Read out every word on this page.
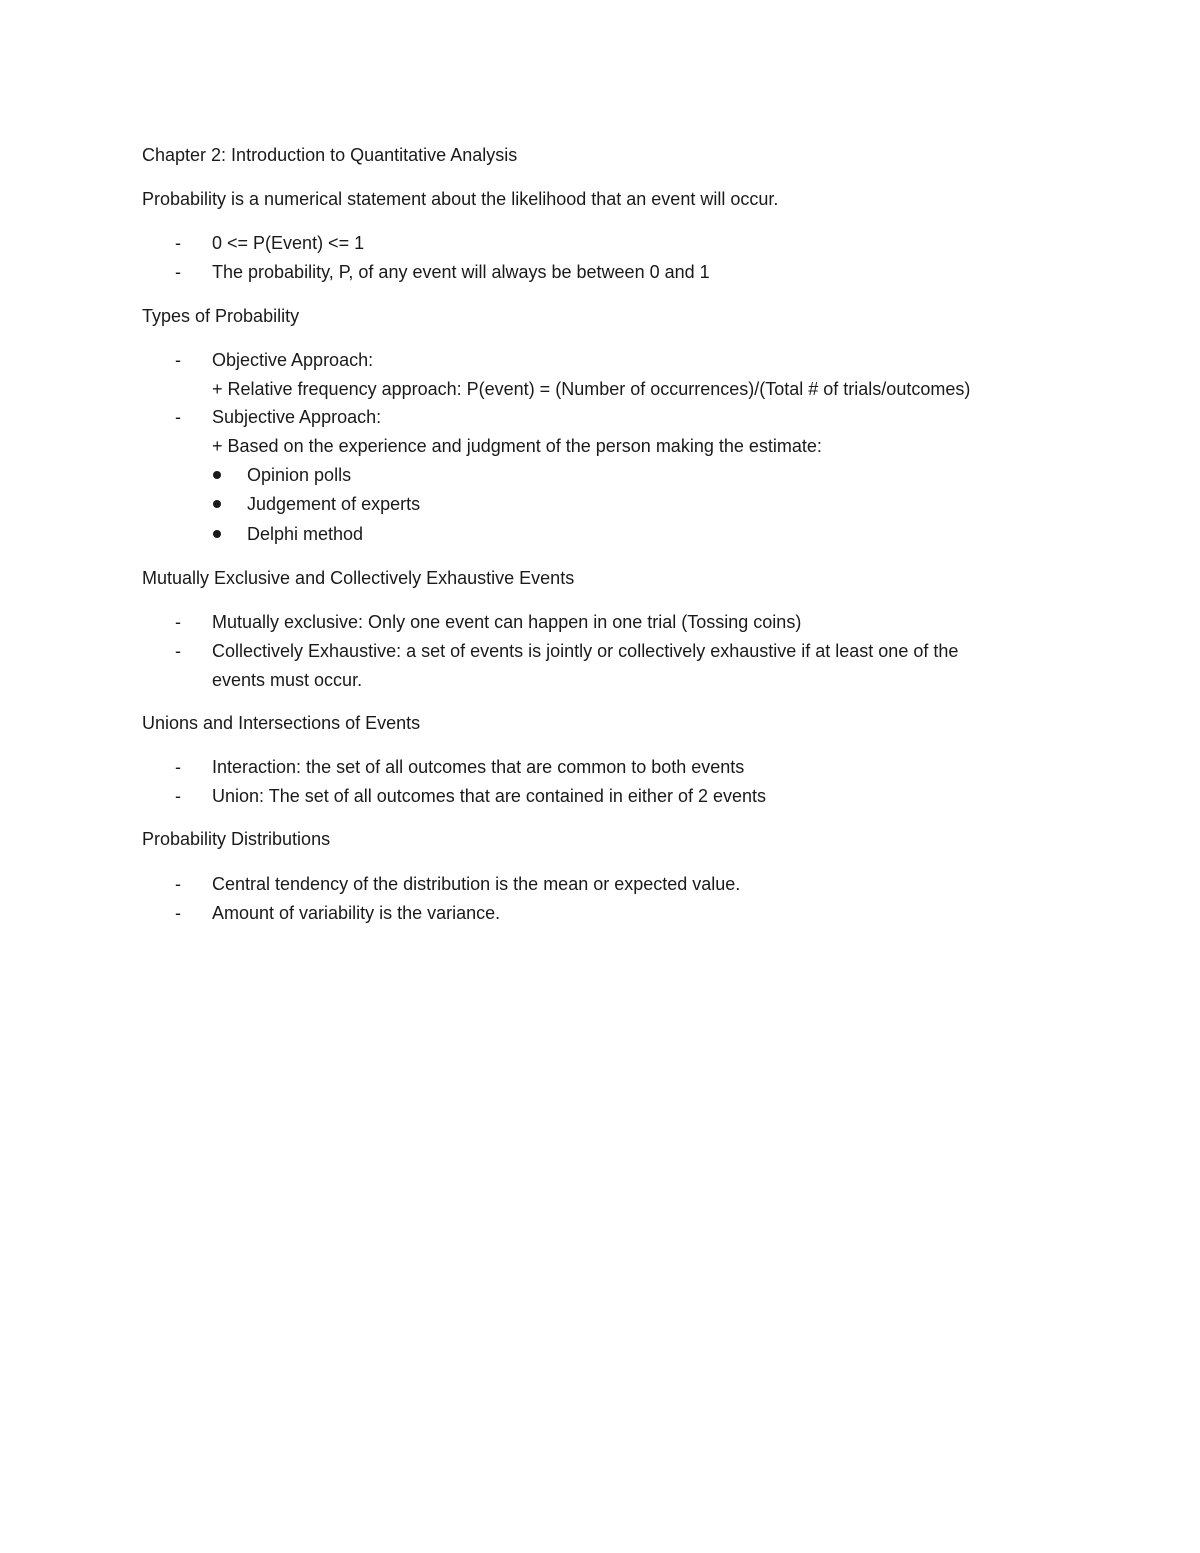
Chapter 2: Introduction to Quantitative Analysis
Probability is a numerical statement about the likelihood that an event will occur.
-	0 <= P(Event) <= 1
-	The probability, P, of any event will always be between 0 and 1
Types of Probability
-	Objective Approach:
+ Relative frequency approach: P(event) = (Number of occurrences)/(Total # of trials/outcomes)
-	Subjective Approach:
+ Based on the experience and judgment of the person making the estimate:
Opinion polls
Judgement of experts
Delphi method
Mutually Exclusive and Collectively Exhaustive Events
-	Mutually exclusive: Only one event can happen in one trial (Tossing coins)
-	Collectively Exhaustive: a set of events is jointly or collectively exhaustive if at least one of the
events must occur.
Unions and Intersections of Events
-	Interaction: the set of all outcomes that are common to both events
-	Union: The set of all outcomes that are contained in either of 2 events
Probability Distributions
-	Central tendency of the distribution is the mean or expected value.
-	Amount of variability is the variance.
